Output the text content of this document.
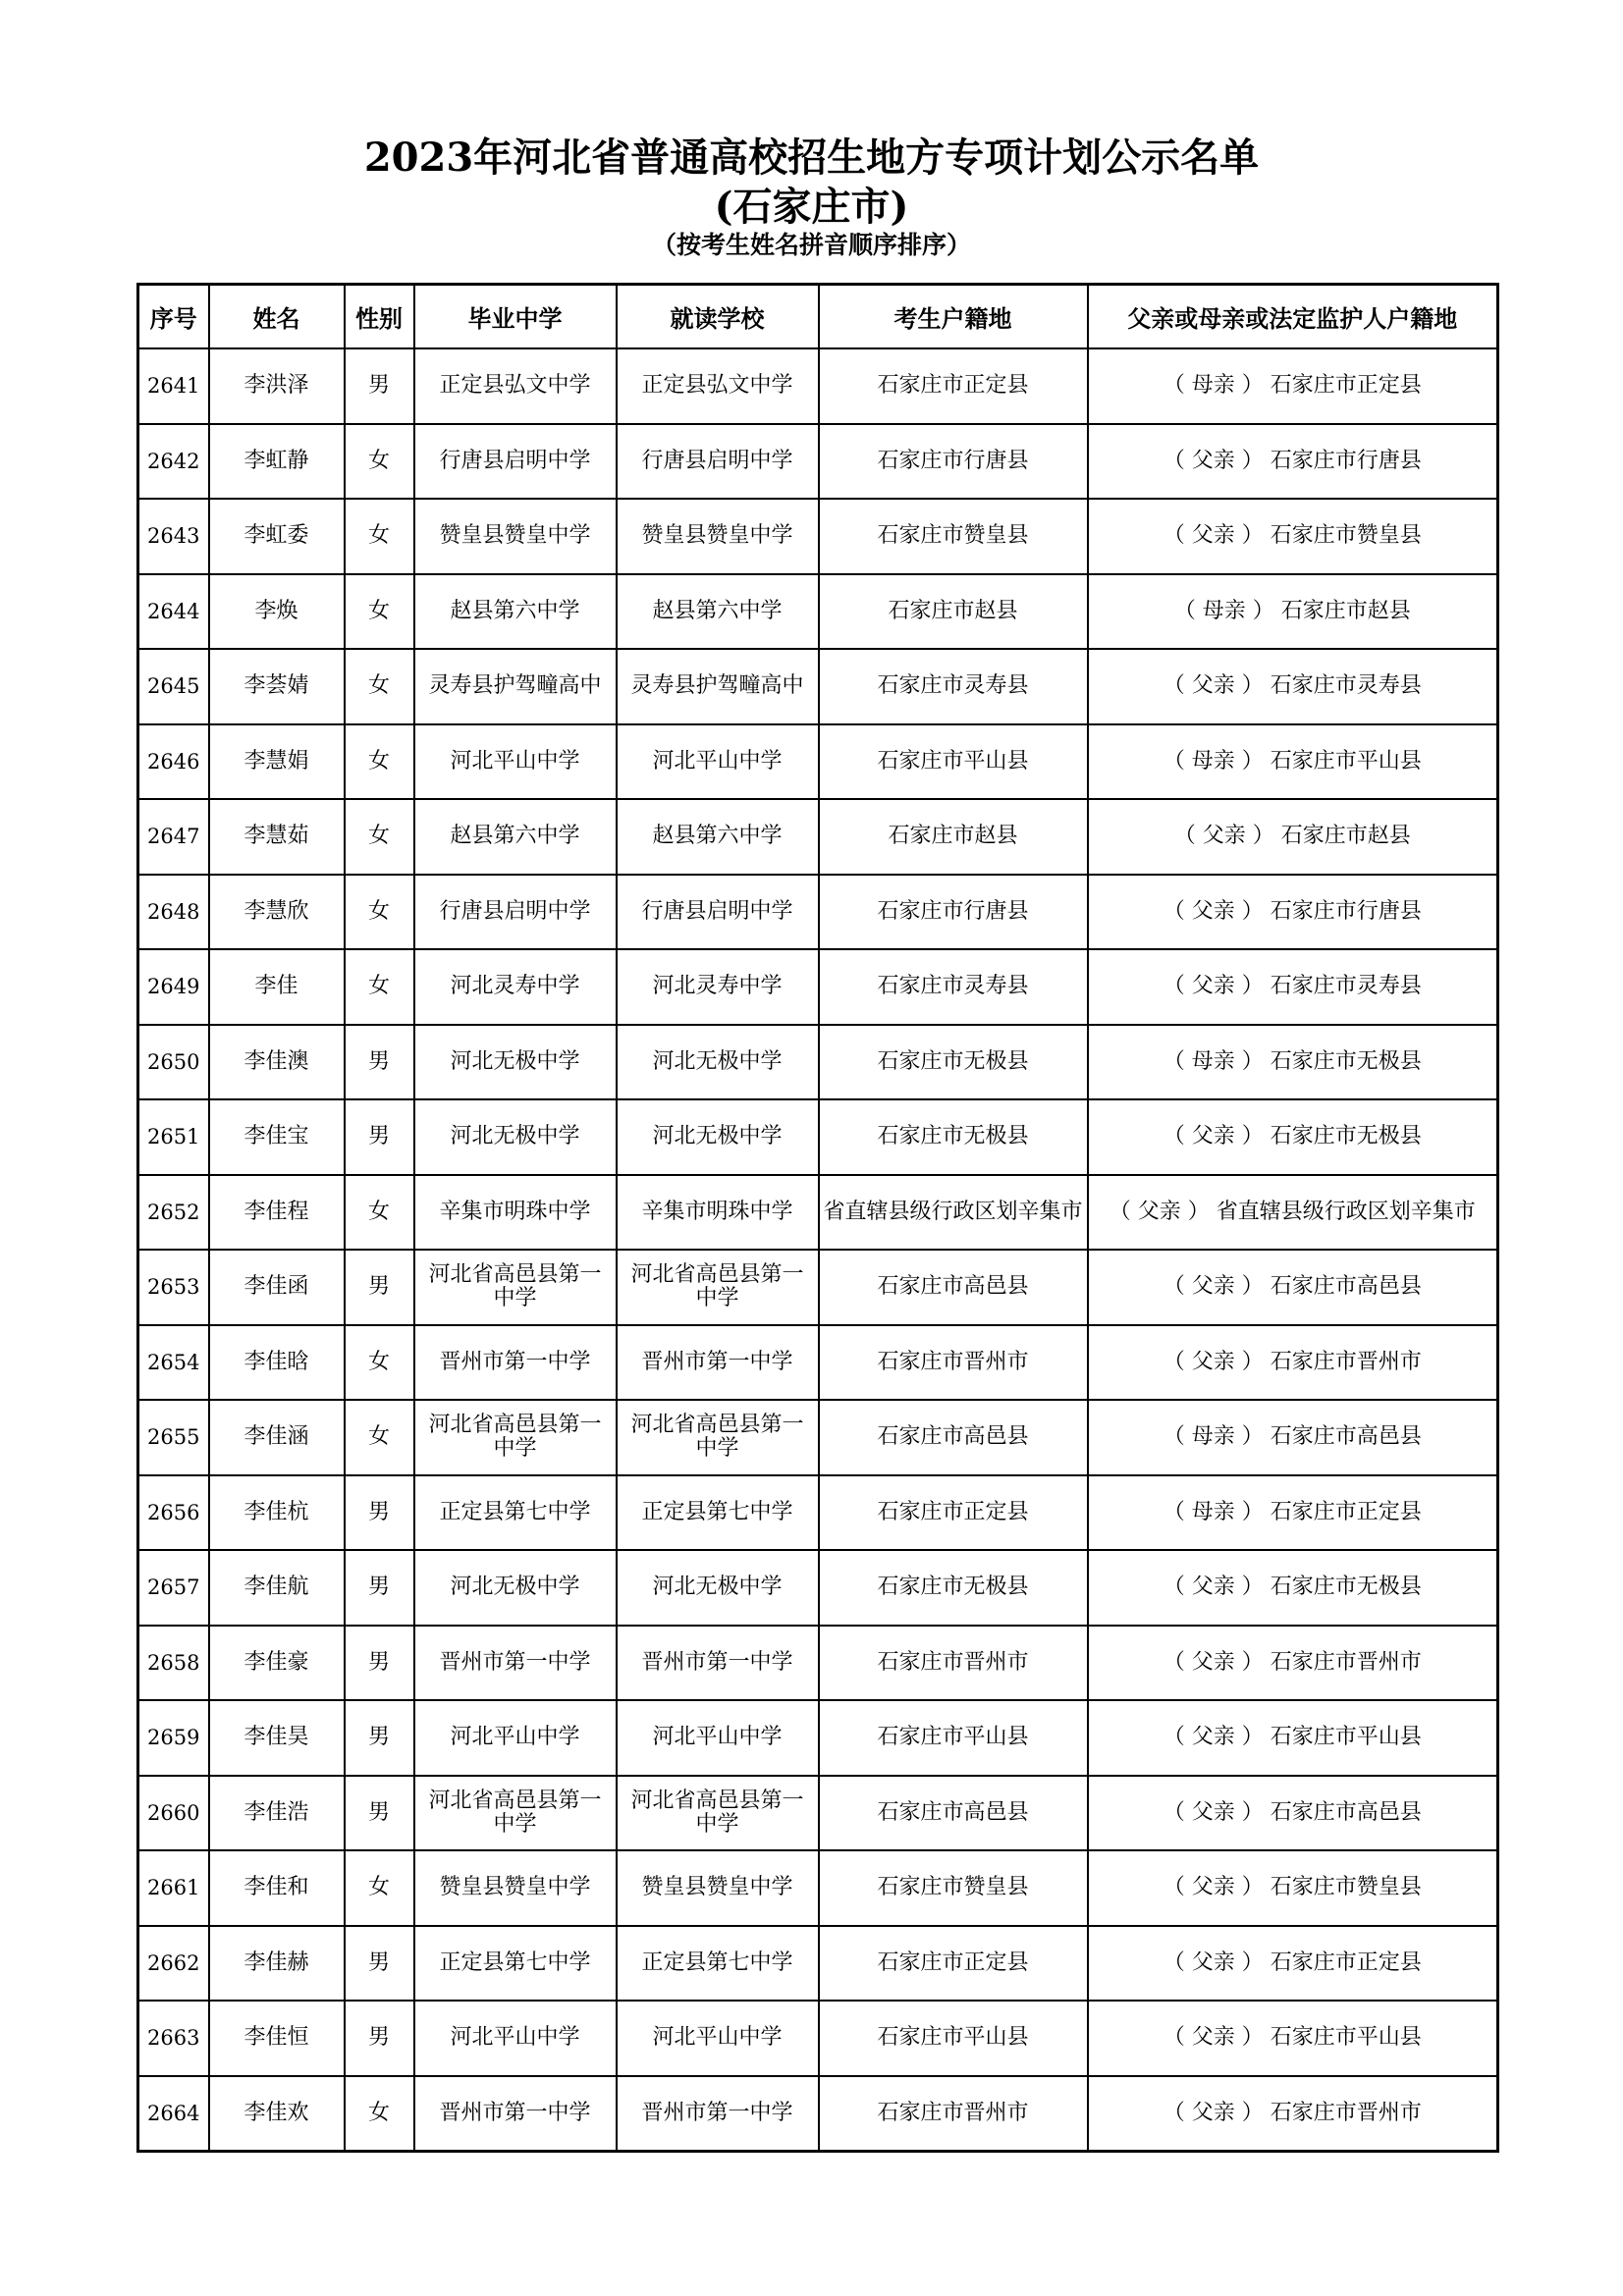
2023年河北省普通高校招生地方专项计划公示名单
(石家庄市)
（按考生姓名拼音顺序排序）
序号	姓名	性别	毕业中学	就读学校	考生户籍地	父亲或母亲或法定监护人户籍地
2641	李洪泽	男	正定县弘文中学	正定县弘文中学	石家庄市正定县	（ 母亲 ） 石家庄市正定县
2642	李虹静	女	行唐县启明中学	行唐县启明中学	石家庄市行唐县	（ 父亲 ） 石家庄市行唐县
2643	李虹委	女	赞皇县赞皇中学	赞皇县赞皇中学	石家庄市赞皇县	（ 父亲 ） 石家庄市赞皇县
2644	李焕	女	赵县第六中学	赵县第六中学	石家庄市赵县	（ 母亲 ） 石家庄市赵县
2645	李荟婧	女	灵寿县护驾疃高中	灵寿县护驾疃高中	石家庄市灵寿县	（ 父亲 ） 石家庄市灵寿县
2646	李慧娟	女	河北平山中学	河北平山中学	石家庄市平山县	（ 母亲 ） 石家庄市平山县
2647	李慧茹	女	赵县第六中学	赵县第六中学	石家庄市赵县	（ 父亲 ） 石家庄市赵县
2648	李慧欣	女	行唐县启明中学	行唐县启明中学	石家庄市行唐县	（ 父亲 ） 石家庄市行唐县
2649	李佳	女	河北灵寿中学	河北灵寿中学	石家庄市灵寿县	（ 父亲 ） 石家庄市灵寿县
2650	李佳澳	男	河北无极中学	河北无极中学	石家庄市无极县	（ 母亲 ） 石家庄市无极县
2651	李佳宝	男	河北无极中学	河北无极中学	石家庄市无极县	（ 父亲 ） 石家庄市无极县
2652	李佳程	女	辛集市明珠中学	辛集市明珠中学	省直辖县级行政区划辛集市	（ 父亲 ） 省直辖县级行政区划辛集市
2653	李佳函	男	河北省高邑县第一中学	河北省高邑县第一中学	石家庄市高邑县	（ 父亲 ） 石家庄市高邑县
2654	李佳晗	女	晋州市第一中学	晋州市第一中学	石家庄市晋州市	（ 父亲 ） 石家庄市晋州市
2655	李佳涵	女	河北省高邑县第一中学	河北省高邑县第一中学	石家庄市高邑县	（ 母亲 ） 石家庄市高邑县
2656	李佳杭	男	正定县第七中学	正定县第七中学	石家庄市正定县	（ 母亲 ） 石家庄市正定县
2657	李佳航	男	河北无极中学	河北无极中学	石家庄市无极县	（ 父亲 ） 石家庄市无极县
2658	李佳豪	男	晋州市第一中学	晋州市第一中学	石家庄市晋州市	（ 父亲 ） 石家庄市晋州市
2659	李佳昊	男	河北平山中学	河北平山中学	石家庄市平山县	（ 父亲 ） 石家庄市平山县
2660	李佳浩	男	河北省高邑县第一中学	河北省高邑县第一中学	石家庄市高邑县	（ 父亲 ） 石家庄市高邑县
2661	李佳和	女	赞皇县赞皇中学	赞皇县赞皇中学	石家庄市赞皇县	（ 父亲 ） 石家庄市赞皇县
2662	李佳赫	男	正定县第七中学	正定县第七中学	石家庄市正定县	（ 父亲 ） 石家庄市正定县
2663	李佳恒	男	河北平山中学	河北平山中学	石家庄市平山县	（ 父亲 ） 石家庄市平山县
2664	李佳欢	女	晋州市第一中学	晋州市第一中学	石家庄市晋州市	（ 父亲 ） 石家庄市晋州市
